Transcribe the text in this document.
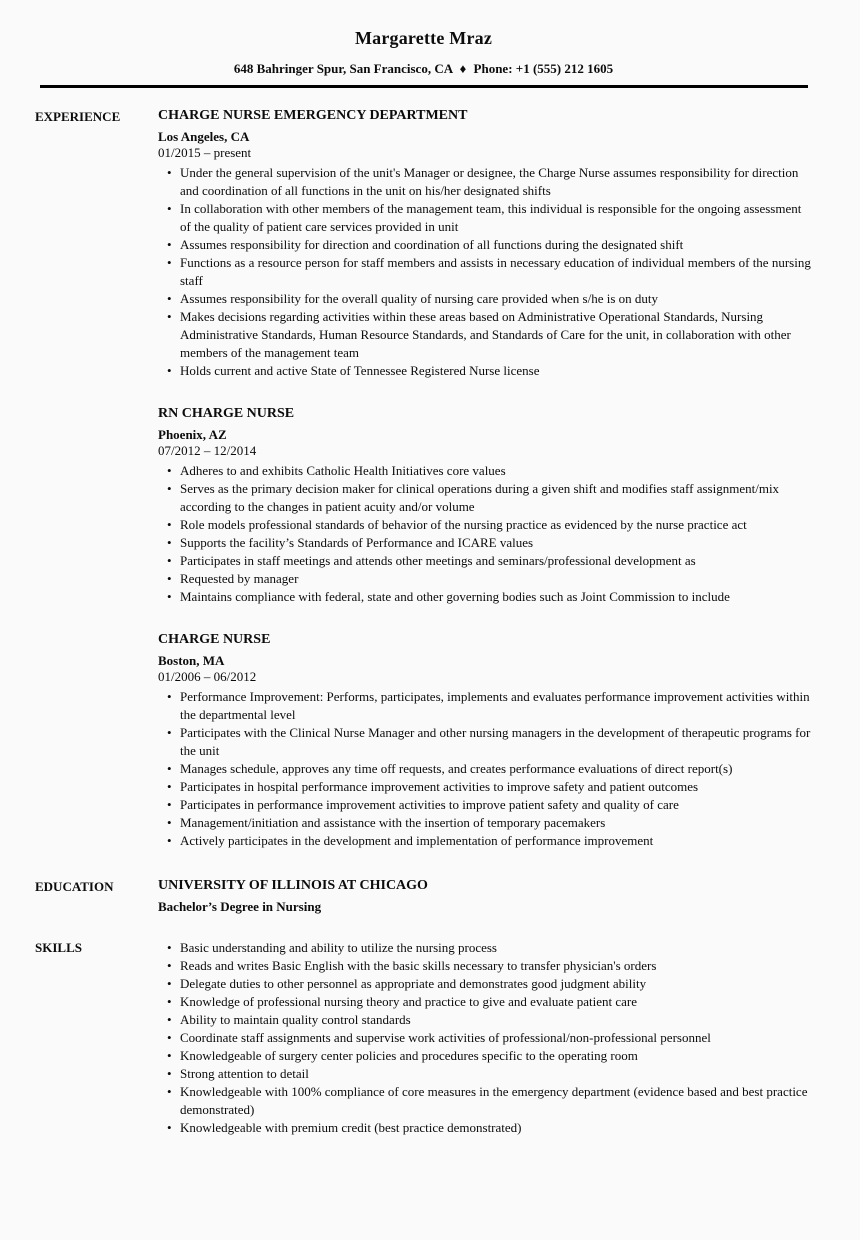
Margarette Mraz
648 Bahringer Spur, San Francisco, CA ♦ Phone: +1 (555) 212 1605
EXPERIENCE	CHARGE NURSE EMERGENCY DEPARTMENT
Los Angeles, CA
01/2015 – present
• Under the general supervision of the unit's Manager or designee, the Charge Nurse assumes responsibility for direction and coordination of all functions in the unit on his/her designated shifts
• In collaboration with other members of the management team, this individual is responsible for the ongoing assessment of the quality of patient care services provided in unit
• Assumes responsibility for direction and coordination of all functions during the designated shift
• Functions as a resource person for staff members and assists in necessary education of individual members of the nursing staff
• Assumes responsibility for the overall quality of nursing care provided when s/he is on duty
• Makes decisions regarding activities within these areas based on Administrative Operational Standards, Nursing Administrative Standards, Human Resource Standards, and Standards of Care for the unit, in collaboration with other members of the management team
• Holds current and active State of Tennessee Registered Nurse license
RN CHARGE NURSE
Phoenix, AZ
07/2012 – 12/2014
• Adheres to and exhibits Catholic Health Initiatives core values
• Serves as the primary decision maker for clinical operations during a given shift and modifies staff assignment/mix according to the changes in patient acuity and/or volume
• Role models professional standards of behavior of the nursing practice as evidenced by the nurse practice act
• Supports the facility’s Standards of Performance and ICARE values
• Participates in staff meetings and attends other meetings and seminars/professional development as
• Requested by manager
• Maintains compliance with federal, state and other governing bodies such as Joint Commission to include
CHARGE NURSE
Boston, MA
01/2006 – 06/2012
• Performance Improvement: Performs, participates, implements and evaluates performance improvement activities within the departmental level
• Participates with the Clinical Nurse Manager and other nursing managers in the development of therapeutic programs for the unit
• Manages schedule, approves any time off requests, and creates performance evaluations of direct report(s)
• Participates in hospital performance improvement activities to improve safety and patient outcomes
• Participates in performance improvement activities to improve patient safety and quality of care
• Management/initiation and assistance with the insertion of temporary pacemakers
• Actively participates in the development and implementation of performance improvement
EDUCATION	UNIVERSITY OF ILLINOIS AT CHICAGO
Bachelor’s Degree in Nursing
SKILLS	• Basic understanding and ability to utilize the nursing process
• Reads and writes Basic English with the basic skills necessary to transfer physician's orders
• Delegate duties to other personnel as appropriate and demonstrates good judgment ability
• Knowledge of professional nursing theory and practice to give and evaluate patient care
• Ability to maintain quality control standards
• Coordinate staff assignments and supervise work activities of professional/non-professional personnel
• Knowledgeable of surgery center policies and procedures specific to the operating room
• Strong attention to detail
• Knowledgeable with 100% compliance of core measures in the emergency department (evidence based and best practice demonstrated)
• Knowledgeable with premium credit (best practice demonstrated)
